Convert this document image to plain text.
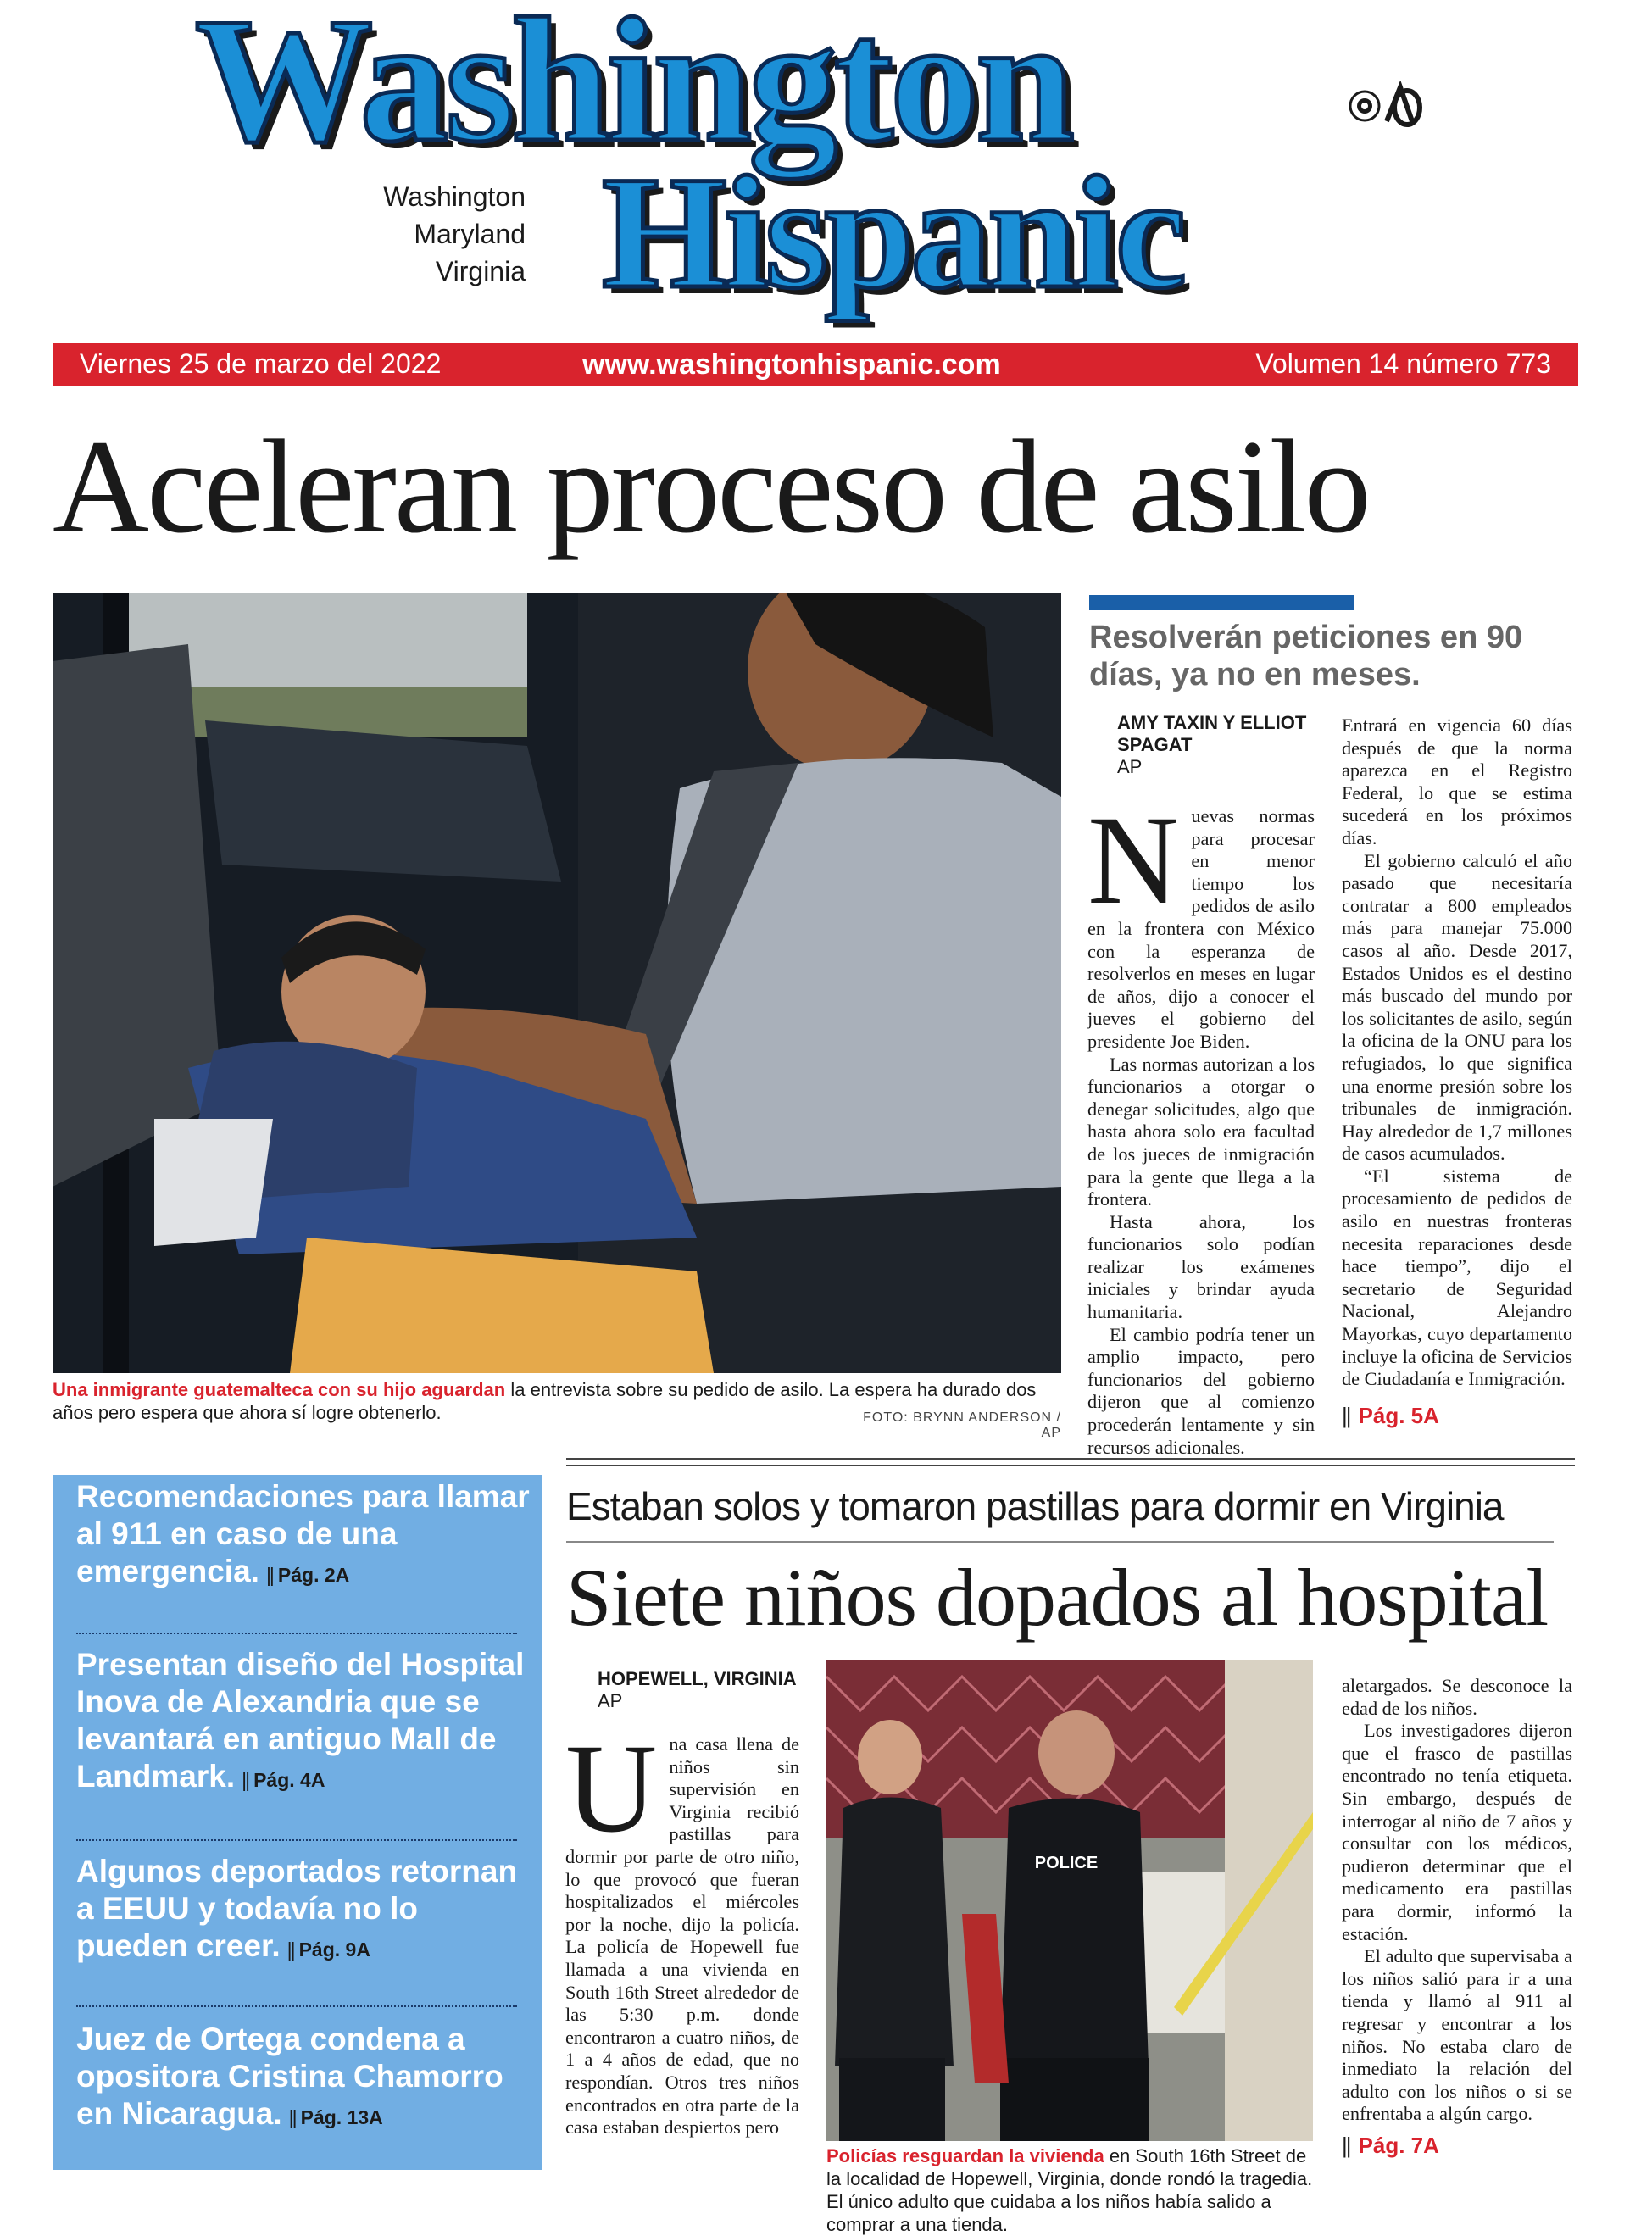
Washington
Hispanic
Washington
Maryland
Virginia
Viernes 25 de marzo del 2022	www.washingtonhispanic.com	Volumen 14 número 773
Aceleran proceso de asilo
Una inmigrante guatemalteca con su hijo aguardan la entrevista sobre su pedido de asilo. La espera ha durado dos años pero espera que ahora sí logre obtenerlo.	FOTO: BRYNN ANDERSON / AP
Resolverán peticiones en 90 días, ya no en meses.
AMY TAXIN Y ELLIOT SPAGAT
AP

Nuevas normas para procesar en menor tiempo los pedidos de asilo en la frontera con México con la esperanza de resolverlos en meses en lugar de años, dijo a conocer el jueves el gobierno del presidente Joe Biden.

Las normas autorizan a los funcionarios a otorgar o denegar solicitudes, algo que hasta ahora solo era facultad de los jueces de inmigración para la gente que llega a la frontera.

Hasta ahora, los funcionarios solo podían realizar los exámenes iniciales y brindar ayuda humanitaria.

El cambio podría tener un amplio impacto, pero funcionarios del gobierno dijeron que al comienzo procederán lentamente y sin recursos adicionales.

Entrará en vigencia 60 días después de que la norma aparezca en el Registro Federal, lo que se estima sucederá en los próximos días.

El gobierno calculó el año pasado que necesitaría contratar a 800 empleados más para manejar 75.000 casos al año. Desde 2017, Estados Unidos es el destino más buscado del mundo por los solicitantes de asilo, según la oficina de la ONU para los refugiados, lo que significa una enorme presión sobre los tribunales de inmigración. Hay alrededor de 1,7 millones de casos acumulados.

“El sistema de procesamiento de pedidos de asilo en nuestras fronteras necesita reparaciones desde hace tiempo”, dijo el secretario de Seguridad Nacional, Alejandro Mayorkas, cuyo departamento incluye la oficina de Servicios de Ciudadanía e Inmigración.

|| Pág. 5A
Recomendaciones para llamar al 911 en caso de una emergencia. || Pág. 2A
Presentan diseño del Hospital Inova de Alexandria que se levantará en antiguo Mall de Landmark. || Pág. 4A
Algunos deportados retornan a EEUU y todavía no lo pueden creer. || Pág. 9A
Juez de Ortega condena a opositora Cristina Chamorro en Nicaragua. || Pág. 13A
Estaban solos y tomaron pastillas para dormir en Virginia
Siete niños dopados al hospital
HOPEWELL, VIRGINIA
AP

Una casa llena de niños sin supervisión en Virginia recibió pastillas para dormir por parte de otro niño, lo que provocó que fueran hospitalizados el miércoles por la noche, dijo la policía. La policía de Hopewell fue llamada a una vivienda en South 16th Street alrededor de las 5:30 p.m. donde encontraron a cuatro niños, de 1 a 4 años de edad, que no respondían. Otros tres niños encontrados en otra parte de la casa estaban despiertos pero

POLICE
Policías resguardan la vivienda en South 16th Street de la localidad de Hopewell, Virginia, donde rondó la tragedia. El único adulto que cuidaba a los niños había salido a comprar a una tienda.

aletargados. Se desconoce la edad de los niños.

Los investigadores dijeron que el frasco de pastillas encontrado no tenía etiqueta. Sin embargo, después de interrogar al niño de 7 años y consultar con los médicos, pudieron determinar que el medicamento era pastillas para dormir, informó la estación.

El adulto que supervisaba a los niños salió para ir a una tienda y llamó al 911 al regresar y encontrar a los niños. No estaba claro de inmediato la relación del adulto con los niños o si se enfrentaba a algún cargo.

|| Pág. 7A
